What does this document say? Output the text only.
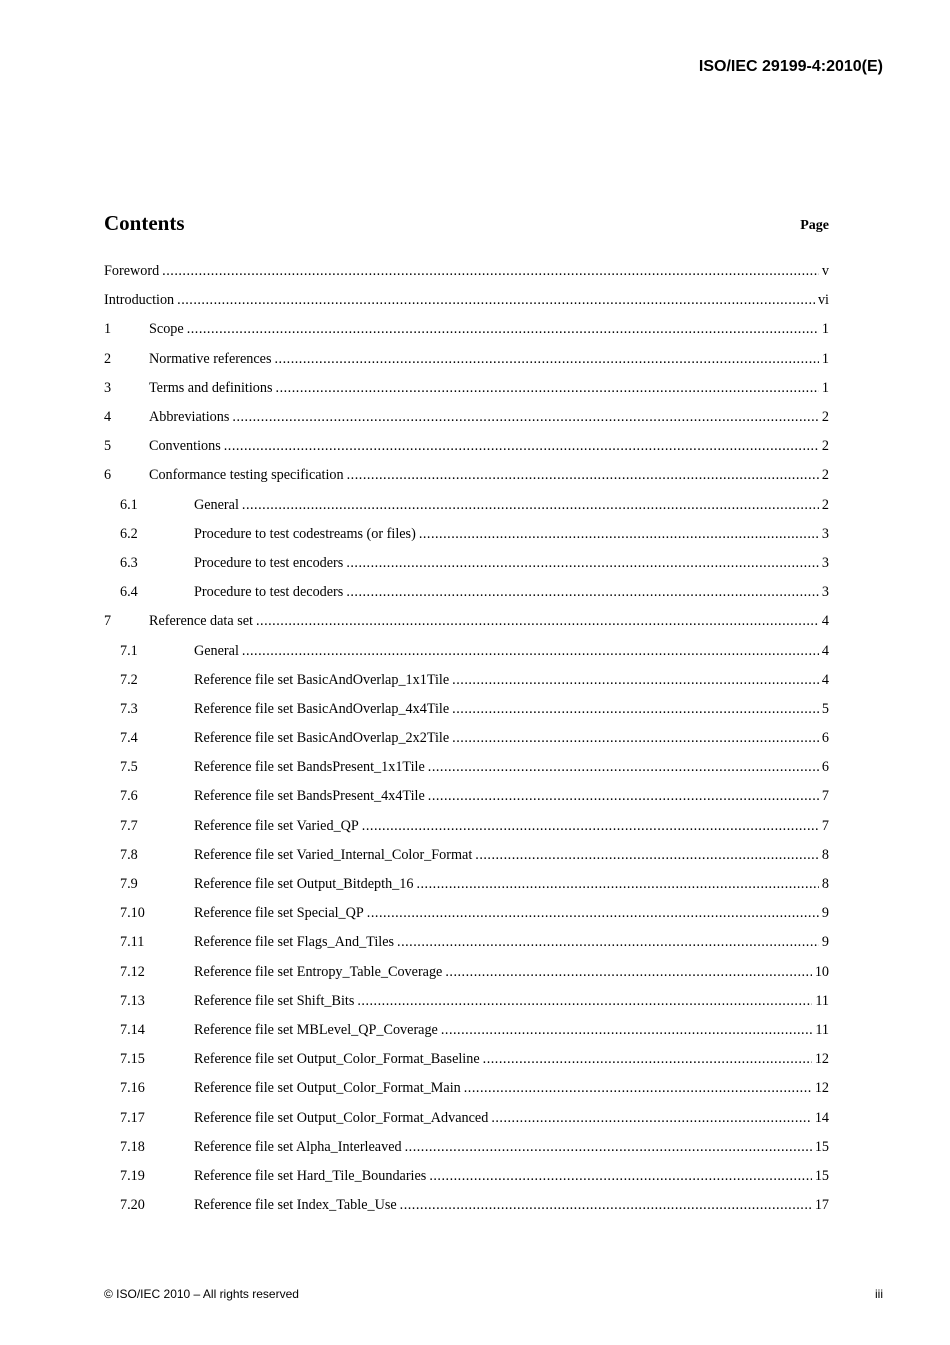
ISO/IEC 29199-4:2010(E)
Contents	Page
Foreword .....	v
Introduction .....	vi
1	Scope .....	1
2	Normative references .....	1
3	Terms and definitions .....	1
4	Abbreviations .....	2
5	Conventions .....	2
6	Conformance testing specification .....	2
6.1	General .....	2
6.2	Procedure to test codestreams (or files) .....	3
6.3	Procedure to test encoders .....	3
6.4	Procedure to test decoders .....	3
7	Reference data set .....	4
7.1	General .....	4
7.2	Reference file set BasicAndOverlap_1x1Tile .....	4
7.3	Reference file set BasicAndOverlap_4x4Tile .....	5
7.4	Reference file set BasicAndOverlap_2x2Tile .....	6
7.5	Reference file set BandsPresent_1x1Tile .....	6
7.6	Reference file set BandsPresent_4x4Tile .....	7
7.7	Reference file set Varied_QP .....	7
7.8	Reference file set Varied_Internal_Color_Format .....	8
7.9	Reference file set Output_Bitdepth_16 .....	8
7.10	Reference file set Special_QP .....	9
7.11	Reference file set Flags_And_Tiles .....	9
7.12	Reference file set Entropy_Table_Coverage .....	10
7.13	Reference file set Shift_Bits .....	11
7.14	Reference file set MBLevel_QP_Coverage .....	11
7.15	Reference file set Output_Color_Format_Baseline .....	12
7.16	Reference file set Output_Color_Format_Main .....	12
7.17	Reference file set Output_Color_Format_Advanced .....	14
7.18	Reference file set Alpha_Interleaved .....	15
7.19	Reference file set Hard_Tile_Boundaries .....	15
7.20	Reference file set Index_Table_Use .....	17
© ISO/IEC 2010 – All rights reserved	iii
